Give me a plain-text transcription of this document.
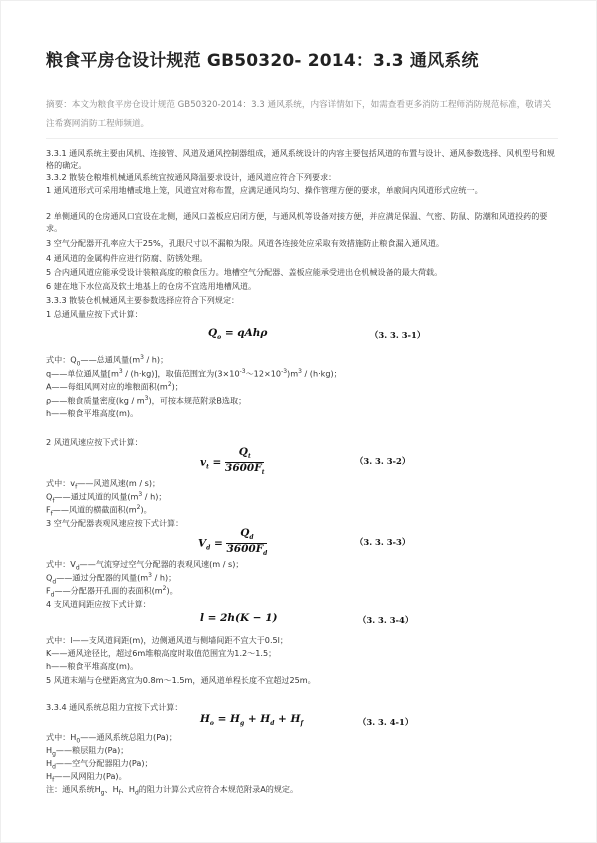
粮食平房仓设计规范 GB50320- 2014：3.3 通风系统
摘要：本文为粮食平房仓设计规范 GB50320-2014：3.3 通风系统，内容详情如下，如需查看更多消防工程师消防规范标准，敬请关注希赛网消防工程师频道。
3.3.1 通风系统主要由风机、连接管、风道及通风控制器组成，通风系统设计的内容主要包括风道的布置与设计、通风参数选择、风机型号和规格的确定。
3.3.2 散装仓粮堆机械通风系统宜按通风降温要求设计，通风道应符合下列要求：
1 通风道形式可采用地槽或地上笼，风道宜对称布置，应满足通风均匀、操作管理方便的要求，单廒间内风道形式应统一。
2 单侧通风的仓房通风口宜设在北侧，通风口盖板应启闭方便，与通风机等设备对接方便，并应满足保温、气密、防鼠、防潮和风道投药的要求。
3 空气分配器开孔率应大于25%，孔眼尺寸以不漏粮为限。风道各连接处应采取有效措施防止粮食漏入通风道。
4 通风道的金属构件应进行防腐、防锈处理。
5 合内通风道应能承受设计装粮高度的粮食压力。地槽空气分配器、盖板应能承受进出仓机械设备的最大荷载。
6 建在地下水位高及软土地基上的仓房不宜选用地槽风道。
3.3.3 散装仓机械通风主要参数选择应符合下列规定：
1 总通风量应按下式计算：
$Q_o = qAh\rho$	（3. 3. 3-1）
式中：$Q_0——$总通风量$(m^3 / h)$；
q——单位通风量$[m^3 / (h\cdot kg)]$，取值范围宜为$(3\times 10^{-3}\sim 12\times 10^{-3})m^3 / (h\cdot kg)$；
A——每组风网对应的堆粮面积$(m^2)$；
ρ——粮食质量密度$(kg / m^3)$，可按本规范附录B选取；
h——粮食平堆高度(m)。
2 风道风速应按下式计算：
$v_t = \frac{Q_t}{3600F_t}$	（3. 3. 3-2）
式中：$v_f——$风道风速(m / s)；
$Q_f——$通过风道的风量$(m^3 / h)$；
$F_f——$风道的横截面积$(m^2)$。
3 空气分配器表观风速应按下式计算：
$V_d = \frac{Q_d}{3600F_d}$	（3. 3. 3-3）
式中：$V_d——$气流穿过空气分配器的表观风速(m / s)；
$Q_d——$通过分配器的风量$(m^3 / h)$；
$F_d——$分配器开孔面的表面积$(m^2)$。
4 支风道间距应按下式计算：
l = 2h(K − 1)	（3. 3. 3-4）
式中：l——支风道间距(m)，边侧通风道与侧墙间距不宜大于0.5l；
K——通风途径比，超过6m堆粮高度时取值范围宜为1.2～1.5；
h——粮食平堆高度(m)。
5 风道末端与仓壁距离宜为0.8m～1.5m，通风道单程长度不宜超过25m。
3.3.4 通风系统总阻力宜按下式计算：
$H_o = H_g + H_d + H_f$	（3. 3. 4-1）
式中：$H_0——$通风系统总阻力(Pa)；
$H_g——$粮层阻力(Pa)；
$H_d——$空气分配器阻力(Pa)；
$H_f——$风网阻力(Pa)。
注：通风系统$H_g$、$H_f$、$H_d$的阻力计算公式应符合本规范附录A的规定。
